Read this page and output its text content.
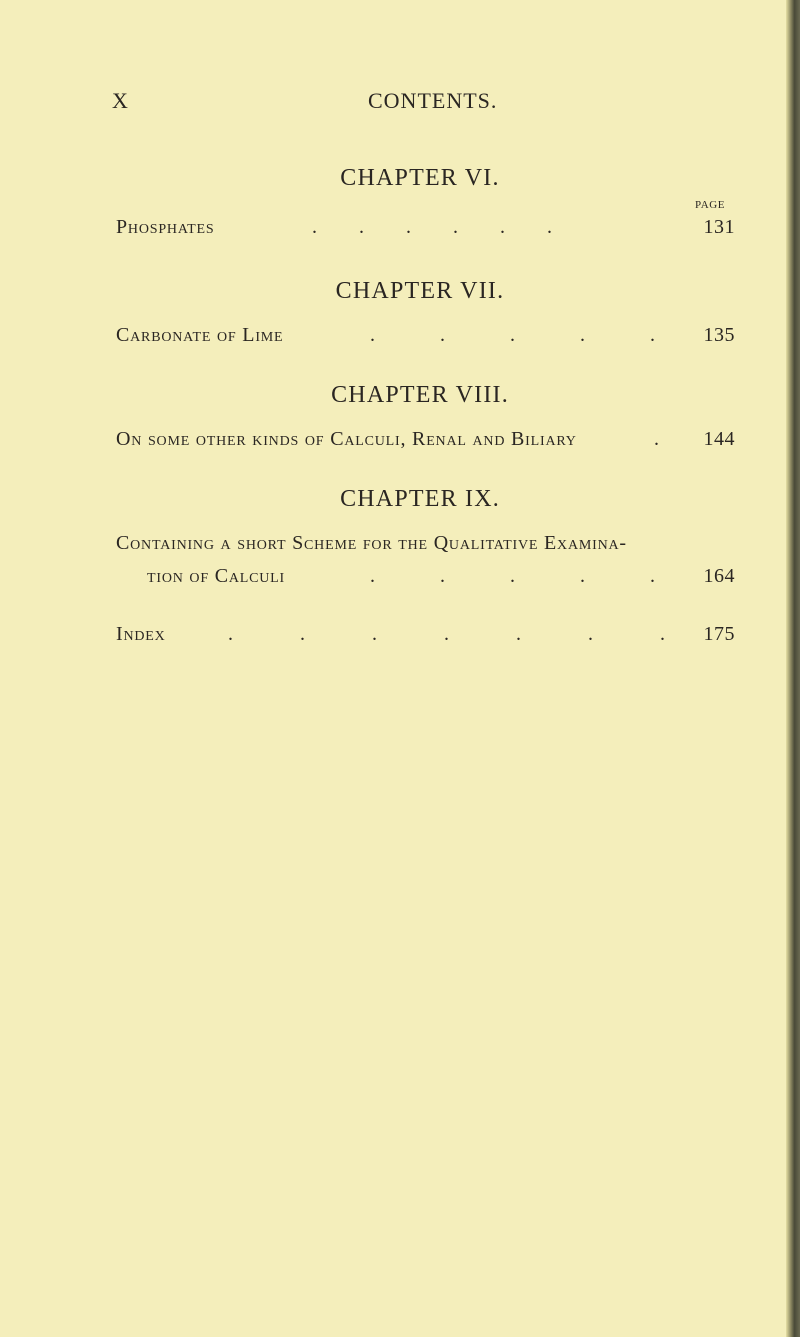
X	CONTENTS.
CHAPTER VI.
PAGE
Phosphates	. . . . . .	131
CHAPTER VII.
Carbonate of Lime	. . . . .	135
CHAPTER VIII.
On some other kinds of Calculi, Renal and Biliary	.	144
CHAPTER IX.
Containing a short Scheme for the Qualitative Examina-
tion of Calculi	. . . . .	164
Index	. . . . . . .	175
